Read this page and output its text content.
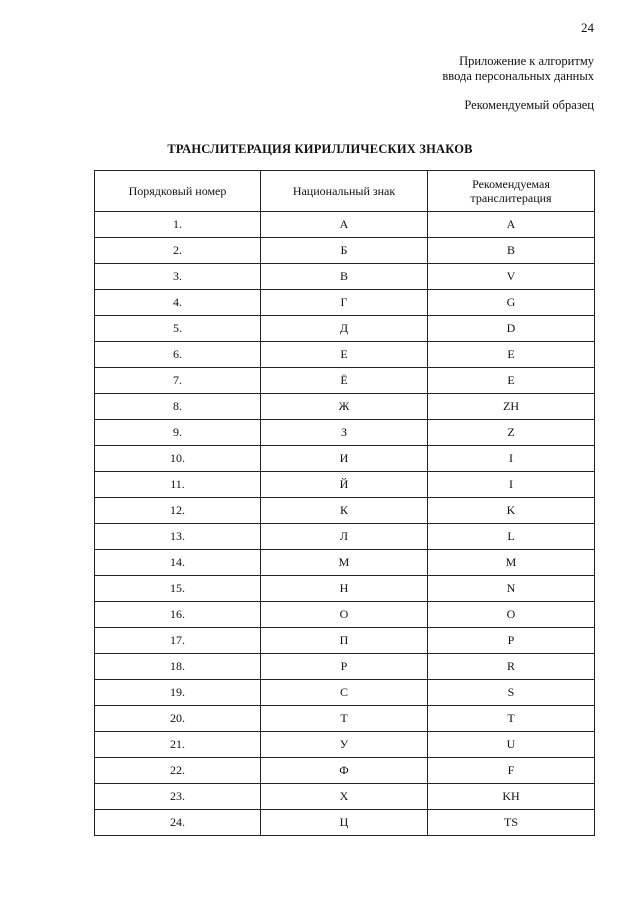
24
Приложение к алгоритму
ввода персональных данных
Рекомендуемый образец
ТРАНСЛИТЕРАЦИЯ КИРИЛЛИЧЕСКИХ ЗНАКОВ
Порядковый номер	Национальный знак	Рекомендуемая транслитерация
1.	А	A
2.	Б	B
3.	В	V
4.	Г	G
5.	Д	D
6.	Е	E
7.	Ё	E
8.	Ж	ZH
9.	З	Z
10.	И	I
11.	Й	I
12.	К	K
13.	Л	L
14.	М	M
15.	Н	N
16.	О	O
17.	П	P
18.	Р	R
19.	С	S
20.	Т	T
21.	У	U
22.	Ф	F
23.	Х	KH
24.	Ц	TS
